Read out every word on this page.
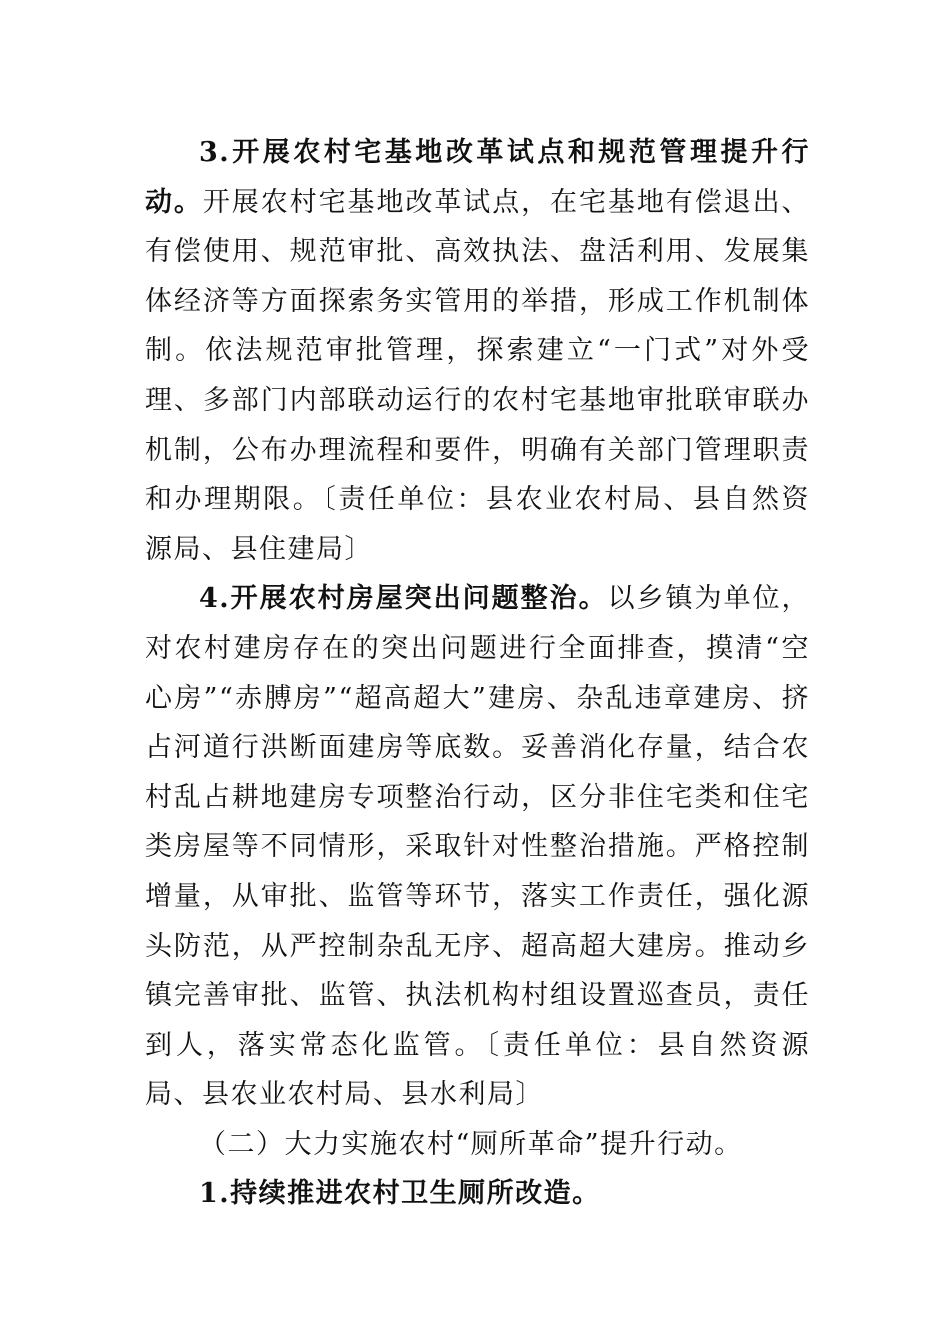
3.开展农村宅基地改革试点和规范管理提升行动。开展农村宅基地改革试点，在宅基地有偿退出、有偿使用、规范审批、高效执法、盘活利用、发展集体经济等方面探索务实管用的举措，形成工作机制体制。依法规范审批管理，探索建立“一门式”对外受理、多部门内部联动运行的农村宅基地审批联审联办机制，公布办理流程和要件，明确有关部门管理职责和办理期限。〔责任单位：县农业农村局、县自然资源局、县住建局〕

4.开展农村房屋突出问题整治。以乡镇为单位，对农村建房存在的突出问题进行全面排查，摸清“空心房”“赤膊房”“超高超大”建房、杂乱违章建房、挤占河道行洪断面建房等底数。妥善消化存量，结合农村乱占耕地建房专项整治行动，区分非住宅类和住宅类房屋等不同情形，采取针对性整治措施。严格控制增量，从审批、监管等环节，落实工作责任，强化源头防范，从严控制杂乱无序、超高超大建房。推动乡镇完善审批、监管、执法机构村组设置巡查员，责任到人，落实常态化监管。〔责任单位：县自然资源局、县农业农村局、县水利局〕

（二）大力实施农村“厕所革命”提升行动。

1.持续推进农村卫生厕所改造。
